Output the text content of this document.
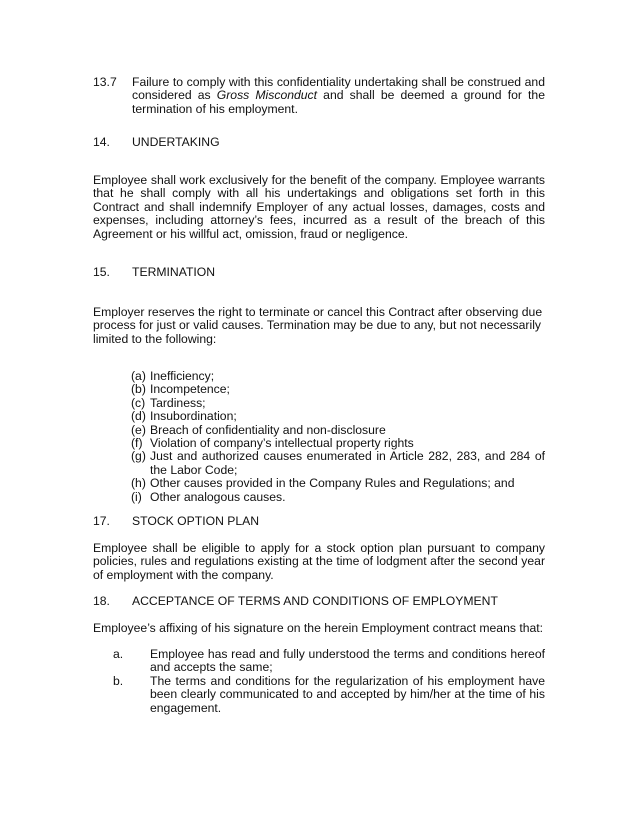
13.7 Failure to comply with this confidentiality undertaking shall be construed and considered as Gross Misconduct and shall be deemed a ground for the termination of his employment.
14. UNDERTAKING
Employee shall work exclusively for the benefit of the company. Employee warrants that he shall comply with all his undertakings and obligations set forth in this Contract and shall indemnify Employer of any actual losses, damages, costs and expenses, including attorney’s fees, incurred as a result of the breach of this Agreement or his willful act, omission, fraud or negligence.
15. TERMINATION
Employer reserves the right to terminate or cancel this Contract after observing due
process for just or valid causes. Termination may be due to any, but not necessarily
limited to the following:
(a) Inefficiency;
(b) Incompetence;
(c) Tardiness;
(d) Insubordination;
(e) Breach of confidentiality and non-disclosure
(f) Violation of company’s intellectual property rights
(g) Just and authorized causes enumerated in Article 282, 283, and 284 of the Labor Code;
(h) Other causes provided in the Company Rules and Regulations; and
(i) Other analogous causes.
17. STOCK OPTION PLAN
Employee shall be eligible to apply for a stock option plan pursuant to company policies, rules and regulations existing at the time of lodgment after the second year of employment with the company.
18. ACCEPTANCE OF TERMS AND CONDITIONS OF EMPLOYMENT
Employee’s affixing of his signature on the herein Employment contract means that:
a. Employee has read and fully understood the terms and conditions hereof and accepts the same;
b. The terms and conditions for the regularization of his employment have been clearly communicated to and accepted by him/her at the time of his engagement.
